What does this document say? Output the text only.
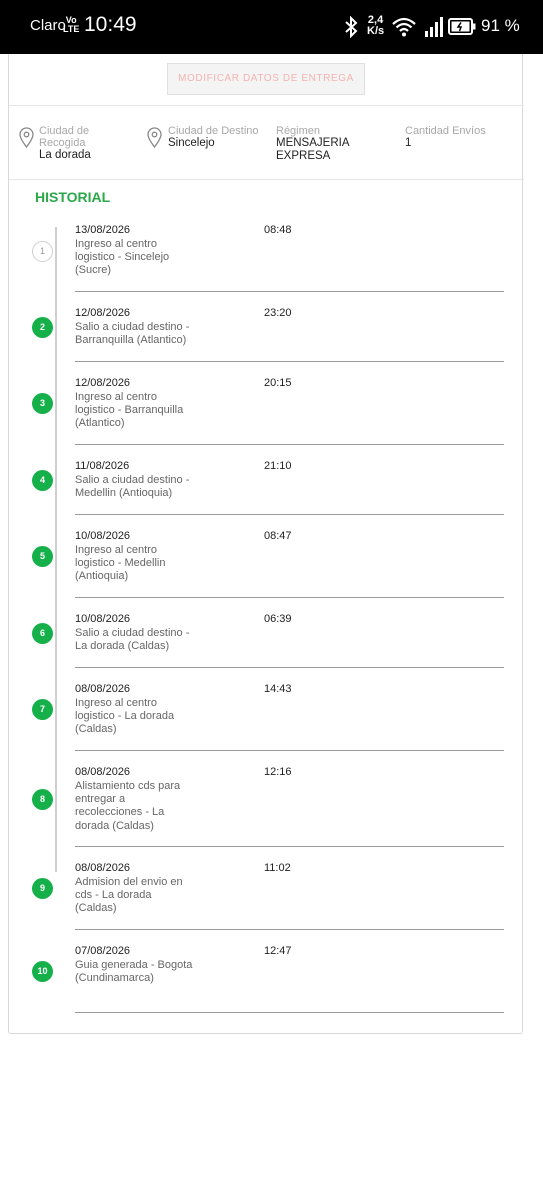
Claro Vo
LTE 10:49	2,4
K/s	91 %
MODIFICAR DATOS DE ENTREGA
Ciudad de Recogida
La dorada
Ciudad de Destino
Sincelejo
Régimen
MENSAJERIA EXPRESA
Cantidad Envíos
1
HISTORIAL
1
13/08/2026
Ingreso al centro logistico - Sincelejo (Sucre)
08:48
2
12/08/2026
Salio a ciudad destino - Barranquilla (Atlantico)
23:20
3
12/08/2026
Ingreso al centro logistico - Barranquilla (Atlantico)
20:15
4
11/08/2026
Salio a ciudad destino - Medellin (Antioquia)
21:10
5
10/08/2026
Ingreso al centro logistico - Medellin (Antioquia)
08:47
6
10/08/2026
Salio a ciudad destino - La dorada (Caldas)
06:39
7
08/08/2026
Ingreso al centro logistico - La dorada (Caldas)
14:43
8
08/08/2026
Alistamiento cds para entregar a recolecciones - La dorada (Caldas)
12:16
9
08/08/2026
Admision del envio en cds - La dorada (Caldas)
11:02
10
07/08/2026
Guia generada - Bogota (Cundinamarca)
12:47
